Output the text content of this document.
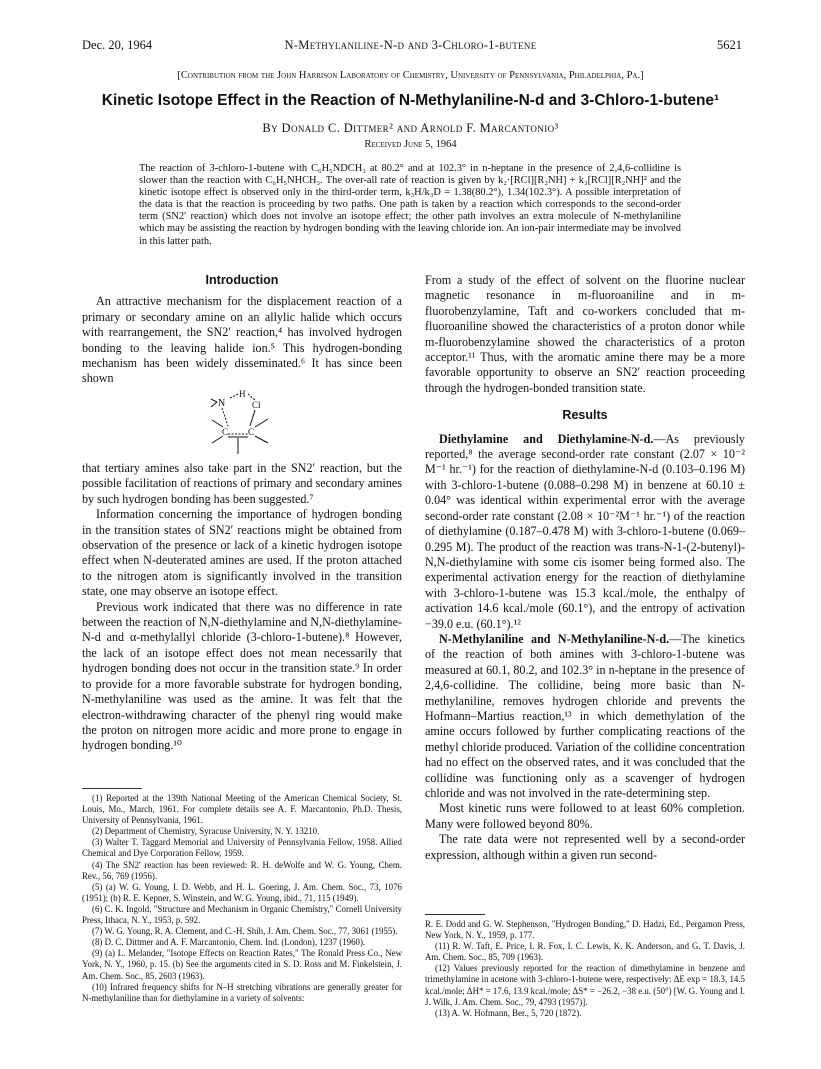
Dec. 20, 1964	N-Methylaniline-N-d and 3-Chloro-1-butene	5621
[Contribution from the John Harrison Laboratory of Chemistry, University of Pennsylvania, Philadelphia, Pa.]
Kinetic Isotope Effect in the Reaction of N-Methylaniline-N-d and 3-Chloro-1-butene¹
By Donald C. Dittmer² and Arnold F. Marcantonio³
Received June 5, 1964
The reaction of 3-chloro-1-butene with C₆H₅NDCH₃ at 80.2° and at 102.3° in n-heptane in the presence of 2,4,6-collidine is slower than the reaction with C₆H₅NHCH₃. The over-all rate of reaction is given by k₂·[RCl][R₂NH] + k₃[RCl][R₂NH]² and the kinetic isotope effect is observed only in the third-order term, k₃H/k₃D = 1.38(80.2°), 1.34(102.3°). A possible interpretation of the data is that the reaction is proceeding by two paths. One path is taken by a reaction which corresponds to the second-order term (SN2′ reaction) which does not involve an isotope effect; the other path involves an extra molecule of N-methylaniline which may be assisting the reaction by hydrogen bonding with the leaving chloride ion. An ion-pair intermediate may be involved in this latter path.
Introduction

An attractive mechanism for the displacement reaction of a primary or secondary amine on an allylic halide which occurs with rearrangement, the SN2′ reaction,⁴ has involved hydrogen bonding to the leaving halide ion.⁵ This hydrogen-bonding mechanism has been widely disseminated.⁶ It has since been shown

N
H
Cl
C C

that tertiary amines also take part in the SN2′ reaction, but the possible facilitation of reactions of primary and secondary amines by such hydrogen bonding has been suggested.⁷

Information concerning the importance of hydrogen bonding in the transition states of SN2′ reactions might be obtained from observation of the presence or lack of a kinetic hydrogen isotope effect when N-deuterated amines are used. If the proton attached to the nitrogen atom is significantly involved in the transition state, one may observe an isotope effect.

Previous work indicated that there was no difference in rate between the reaction of N,N-diethylamine and N,N-diethylamine-N-d and α-methylallyl chloride (3-chloro-1-butene).⁸ However, the lack of an isotope effect does not mean necessarily that hydrogen bonding does not occur in the transition state.⁹ In order to provide for a more favorable substrate for hydrogen bonding, N-methylaniline was used as the amine. It was felt that the electron-withdrawing character of the phenyl ring would make the proton on nitrogen more acidic and more prone to engage in hydrogen bonding.¹⁰

(1) Reported at the 139th National Meeting of the American Chemical Society, St. Louis, Mo., March, 1961. For complete details see A. F. Marcantonio, Ph.D. Thesis, University of Pennsylvania, 1961.

(2) Department of Chemistry, Syracuse University, N. Y. 13210.

(3) Walter T. Taggard Memorial and University of Pennsylvania Fellow, 1958. Allied Chemical and Dye Corporation Fellow, 1959.

(4) The SN2′ reaction has been reviewed: R. H. deWolfe and W. G. Young, Chem. Rev., 56, 769 (1956).

(5) (a) W. G. Young, I. D. Webb, and H. L. Goering, J. Am. Chem. Soc., 73, 1076 (1951); (b) R. E. Kepner, S. Winstein, and W. G. Young, ibid., 71, 115 (1949).

(6) C. K. Ingold, "Structure and Mechanism in Organic Chemistry," Cornell University Press, Ithaca, N. Y., 1953, p. 592.

(7) W. G. Young, R. A. Clement, and C.-H. Shih, J. Am. Chem. Soc., 77, 3061 (1955).

(8) D. C. Dittmer and A. F. Marcantonio, Chem. Ind. (London), 1237 (1960).

(9) (a) L. Melander, "Isotope Effects on Reaction Rates," The Ronald Press Co., New York, N. Y., 1960, p. 15. (b) See the arguments cited in S. D. Ross and M. Finkelstein, J. Am. Chem. Soc., 85, 2603 (1963).

(10) Infrared frequency shifts for N–H stretching vibrations are generally greater for N-methylaniline than for diethylamine in a variety of solvents:

From a study of the effect of solvent on the fluorine nuclear magnetic resonance in m-fluoroaniline and in m-fluorobenzylamine, Taft and co-workers concluded that m-fluoroaniline showed the characteristics of a proton donor while m-fluorobenzylamine showed the characteristics of a proton acceptor.¹¹ Thus, with the aromatic amine there may be a more favorable opportunity to observe an SN2′ reaction proceeding through the hydrogen-bonded transition state.

Results

Diethylamine and Diethylamine-N-d.—As previously reported,⁸ the average second-order rate constant (2.07 × 10⁻² M⁻¹ hr.⁻¹) for the reaction of diethylamine-N-d (0.103–0.196 M) with 3-chloro-1-butene (0.088–0.298 M) in benzene at 60.10 ± 0.04° was identical within experimental error with the average second-order rate constant (2.08 × 10⁻²M⁻¹ hr.⁻¹) of the reaction of diethylamine (0.187–0.478 M) with 3-chloro-1-butene (0.069–0.295 M). The product of the reaction was trans-N-1-(2-butenyl)-N,N-diethylamine with some cis isomer being formed also. The experimental activation energy for the reaction of diethylamine with 3-chloro-1-butene was 15.3 kcal./mole, the enthalpy of activation 14.6 kcal./mole (60.1°), and the entropy of activation −39.0 e.u. (60.1°).¹²

N-Methylaniline and N-Methylaniline-N-d.—The kinetics of the reaction of both amines with 3-chloro-1-butene was measured at 60.1, 80.2, and 102.3° in n-heptane in the presence of 2,4,6-collidine. The collidine, being more basic than N-methylaniline, removes hydrogen chloride and prevents the Hofmann–Martius reaction,¹³ in which demethylation of the amine occurs followed by further complicating reactions of the methyl chloride produced. Variation of the collidine concentration had no effect on the observed rates, and it was concluded that the collidine was functioning only as a scavenger of hydrogen chloride and was not involved in the rate-determining step.

Most kinetic runs were followed to at least 60% completion. Many were followed beyond 80%.

The rate data were not represented well by a second-order expression, although within a given run second-

R. E. Dodd and G. W. Stephenson, "Hydrogen Bonding," D. Hadzi, Ed., Pergamon Press, New York, N. Y., 1959, p. 177.

(11) R. W. Taft, E. Price, I. R. Fox, I. C. Lewis, K. K. Anderson, and G. T. Davis, J. Am. Chem. Soc., 85, 709 (1963).

(12) Values previously reported for the reaction of dimethylamine in benzene and trimethylamine in acetone with 3-chloro-1-butene were, respectively: ΔE exp = 18.3, 14.5 kcal./mole; ΔH* = 17.6, 13.9 kcal./mole; ΔS* = −26.2, −38 e.u. (50°) [W. G. Young and I. J. Wilk, J. Am. Chem. Soc., 79, 4793 (1957)].

(13) A. W. Hofmann, Ber., 5, 720 (1872).
